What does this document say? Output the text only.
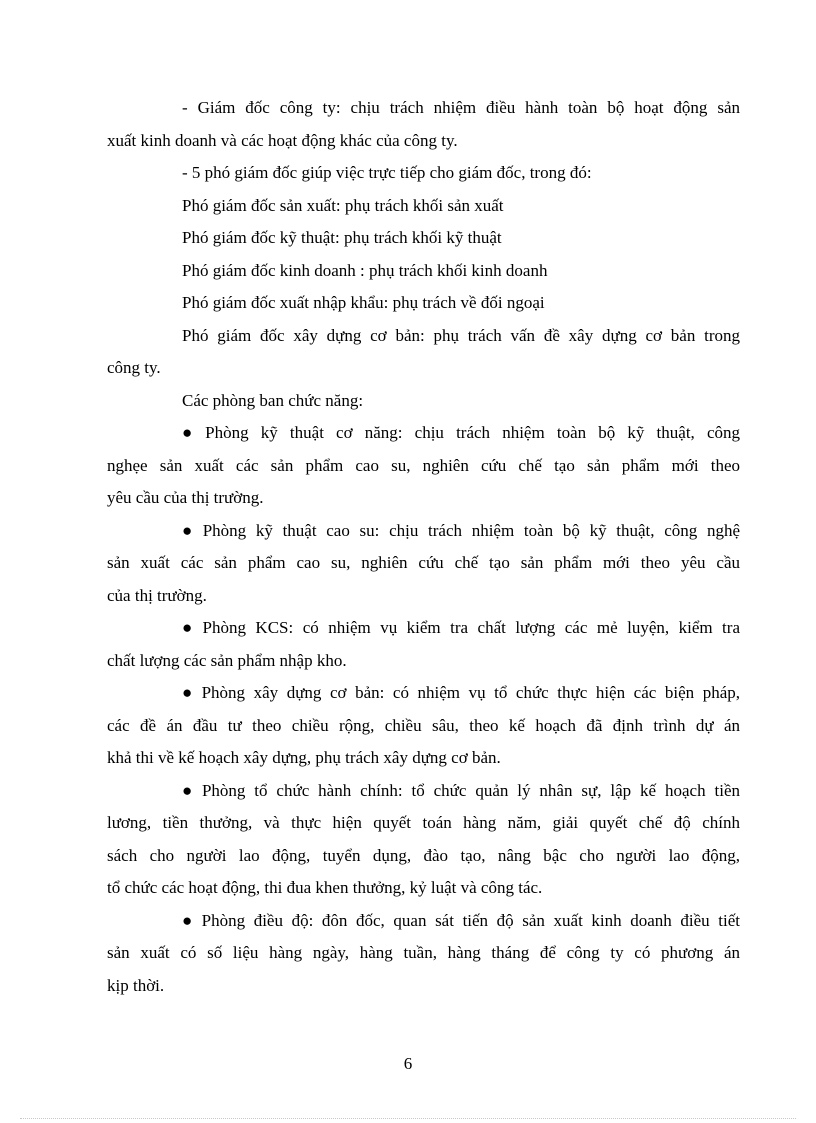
- Giám đốc công ty: chịu trách nhiệm điều hành toàn bộ hoạt động sản
xuất kinh doanh và các hoạt động khác của công ty.
- 5 phó giám đốc giúp việc trực tiếp cho giám đốc, trong đó:
Phó giám đốc sản xuất: phụ trách khối sản xuất
Phó giám đốc kỹ thuật: phụ trách khối kỹ thuật
Phó giám đốc kinh doanh : phụ trách khối kinh doanh
Phó giám đốc xuất nhập khẩu: phụ trách về đối ngoại
Phó giám đốc xây dựng cơ bản: phụ trách vấn đề xây dựng cơ bản trong
công ty.
Các phòng ban chức năng:
● Phòng kỹ thuật cơ năng: chịu trách nhiệm toàn bộ kỹ thuật, công
nghẹe sản xuất các sản phẩm cao su, nghiên cứu chế tạo sản phẩm mới theo
yêu cầu của thị trường.
● Phòng kỹ thuật cao su: chịu trách nhiệm toàn bộ kỹ thuật, công nghệ
sản xuất các sản phẩm cao su, nghiên cứu chế tạo sản phẩm mới theo yêu cầu
của thị trường.
● Phòng KCS: có nhiệm vụ kiểm tra chất lượng các mẻ luyện, kiểm tra
chất lượng các sản phẩm nhập kho.
● Phòng xây dựng cơ bản: có nhiệm vụ tổ chức thực hiện các biện pháp,
các đề án đầu tư theo chiều rộng, chiều sâu, theo kế hoạch đã định trình dự án
khả thi về kế hoạch xây dựng, phụ trách xây dựng cơ bản.
● Phòng tổ chức hành chính: tổ chức quản lý nhân sự, lập kế hoạch tiền
lương, tiền thưởng, và thực hiện quyết toán hàng năm, giải quyết chế độ chính
sách cho người lao động, tuyển dụng, đào tạo, nâng bậc cho người lao động,
tổ chức các hoạt động, thi đua khen thưởng, kỷ luật và công tác.
● Phòng điều độ: đôn đốc, quan sát tiến độ sản xuất kinh doanh điều tiết
sản xuất có số liệu hàng ngày, hàng tuần, hàng tháng để công ty có phương án
kịp thời.
6
